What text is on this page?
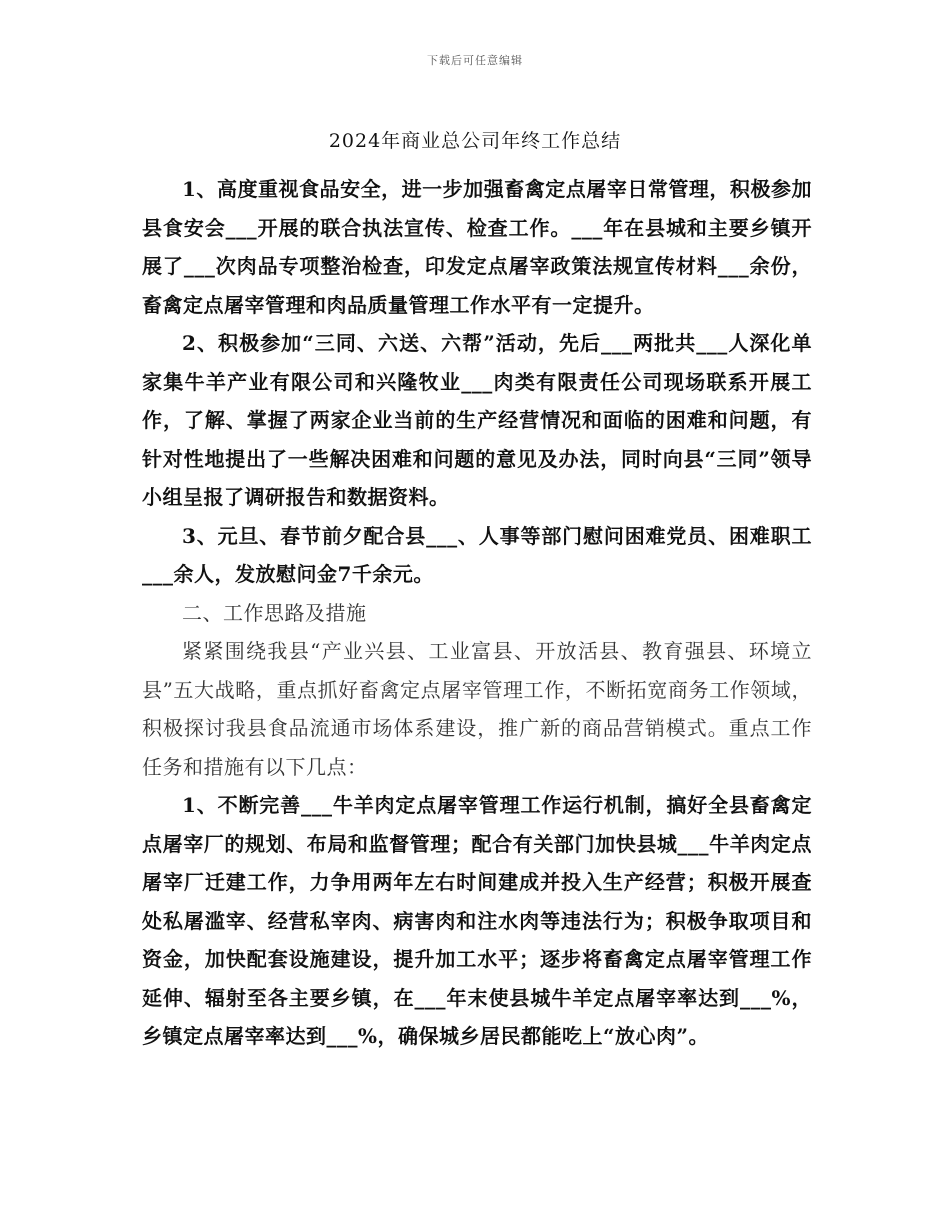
下载后可任意编辑
2024年商业总公司年终工作总结

1、高度重视食品安全，进一步加强畜禽定点屠宰日常管理，积极参加县食安会___开展的联合执法宣传、检查工作。___年在县城和主要乡镇开展了___次肉品专项整治检查，印发定点屠宰政策法规宣传材料___余份，畜禽定点屠宰管理和肉品质量管理工作水平有一定提升。

2、积极参加“三同、六送、六帮”活动，先后___两批共___人深化单家集牛羊产业有限公司和兴隆牧业___肉类有限责任公司现场联系开展工作，了解、掌握了两家企业当前的生产经营情况和面临的困难和问题，有针对性地提出了一些解决困难和问题的意见及办法，同时向县“三同”领导小组呈报了调研报告和数据资料。

3、元旦、春节前夕配合县___、人事等部门慰问困难党员、困难职工___余人，发放慰问金7千余元。

二、工作思路及措施

紧紧围绕我县“产业兴县、工业富县、开放活县、教育强县、环境立县”五大战略，重点抓好畜禽定点屠宰管理工作，不断拓宽商务工作领域，积极探讨我县食品流通市场体系建设，推广新的商品营销模式。重点工作任务和措施有以下几点：

1、不断完善___牛羊肉定点屠宰管理工作运行机制，搞好全县畜禽定点屠宰厂的规划、布局和监督管理；配合有关部门加快县城___牛羊肉定点屠宰厂迁建工作，力争用两年左右时间建成并投入生产经营；积极开展查处私屠滥宰、经营私宰肉、病害肉和注水肉等违法行为；积极争取项目和资金，加快配套设施建设，提升加工水平；逐步将畜禽定点屠宰管理工作延伸、辐射至各主要乡镇，在___年末使县城牛羊定点屠宰率达到___%，乡镇定点屠宰率达到___%，确保城乡居民都能吃上“放心肉”。
